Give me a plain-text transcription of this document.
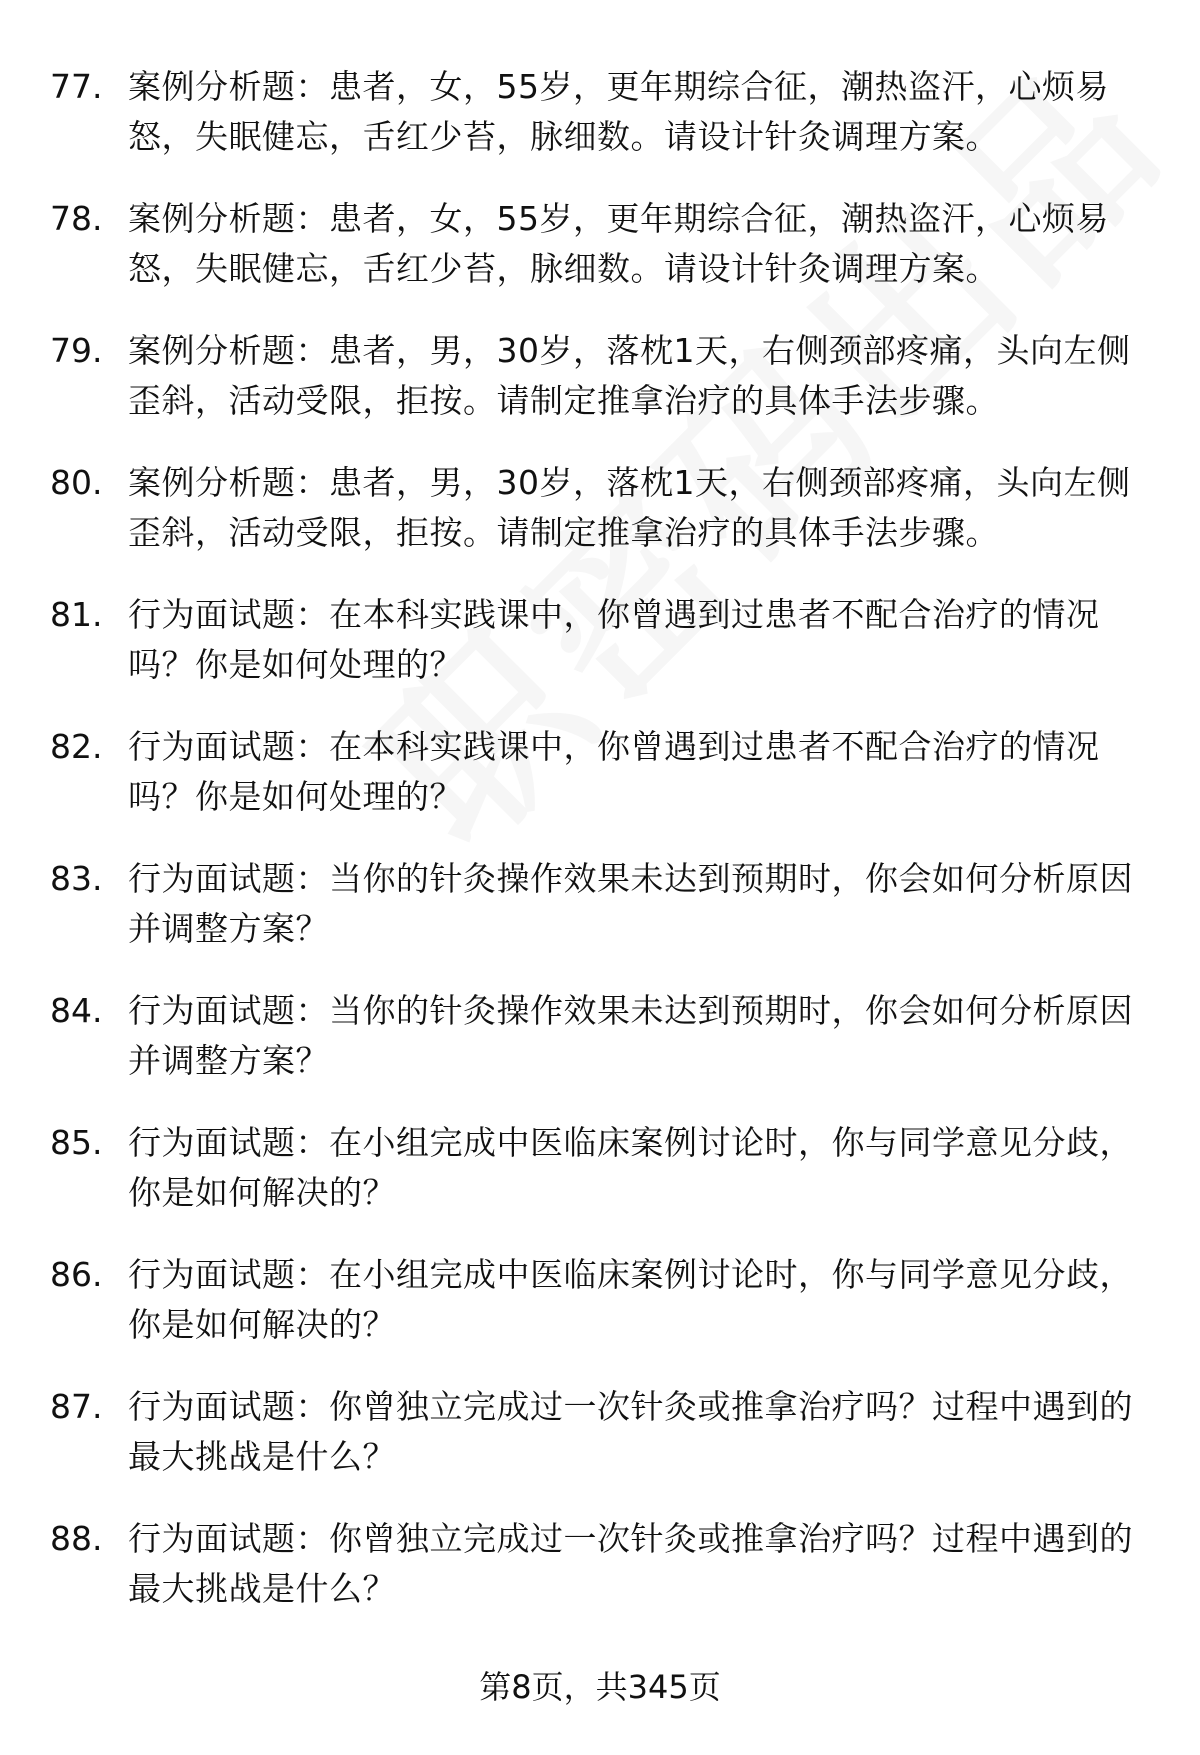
77. 案例分析题：患者，女，55岁，更年期综合征，潮热盗汗，心烦易怒，失眠健忘，舌红少苔，脉细数。请设计针灸调理方案。
78. 案例分析题：患者，女，55岁，更年期综合征，潮热盗汗，心烦易怒，失眠健忘，舌红少苔，脉细数。请设计针灸调理方案。
79. 案例分析题：患者，男，30岁，落枕1天，右侧颈部疼痛，头向左侧歪斜，活动受限，拒按。请制定推拿治疗的具体手法步骤。
80. 案例分析题：患者，男，30岁，落枕1天，右侧颈部疼痛，头向左侧歪斜，活动受限，拒按。请制定推拿治疗的具体手法步骤。
81. 行为面试题：在本科实践课中，你曾遇到过患者不配合治疗的情况吗？你是如何处理的？
82. 行为面试题：在本科实践课中，你曾遇到过患者不配合治疗的情况吗？你是如何处理的？
83. 行为面试题：当你的针灸操作效果未达到预期时，你会如何分析原因并调整方案？
84. 行为面试题：当你的针灸操作效果未达到预期时，你会如何分析原因并调整方案？
85. 行为面试题：在小组完成中医临床案例讨论时，你与同学意见分歧，你是如何解决的？
86. 行为面试题：在小组完成中医临床案例讨论时，你与同学意见分歧，你是如何解决的？
87. 行为面试题：你曾独立完成过一次针灸或推拿治疗吗？过程中遇到的最大挑战是什么？
88. 行为面试题：你曾独立完成过一次针灸或推拿治疗吗？过程中遇到的最大挑战是什么？
第8页，共345页
